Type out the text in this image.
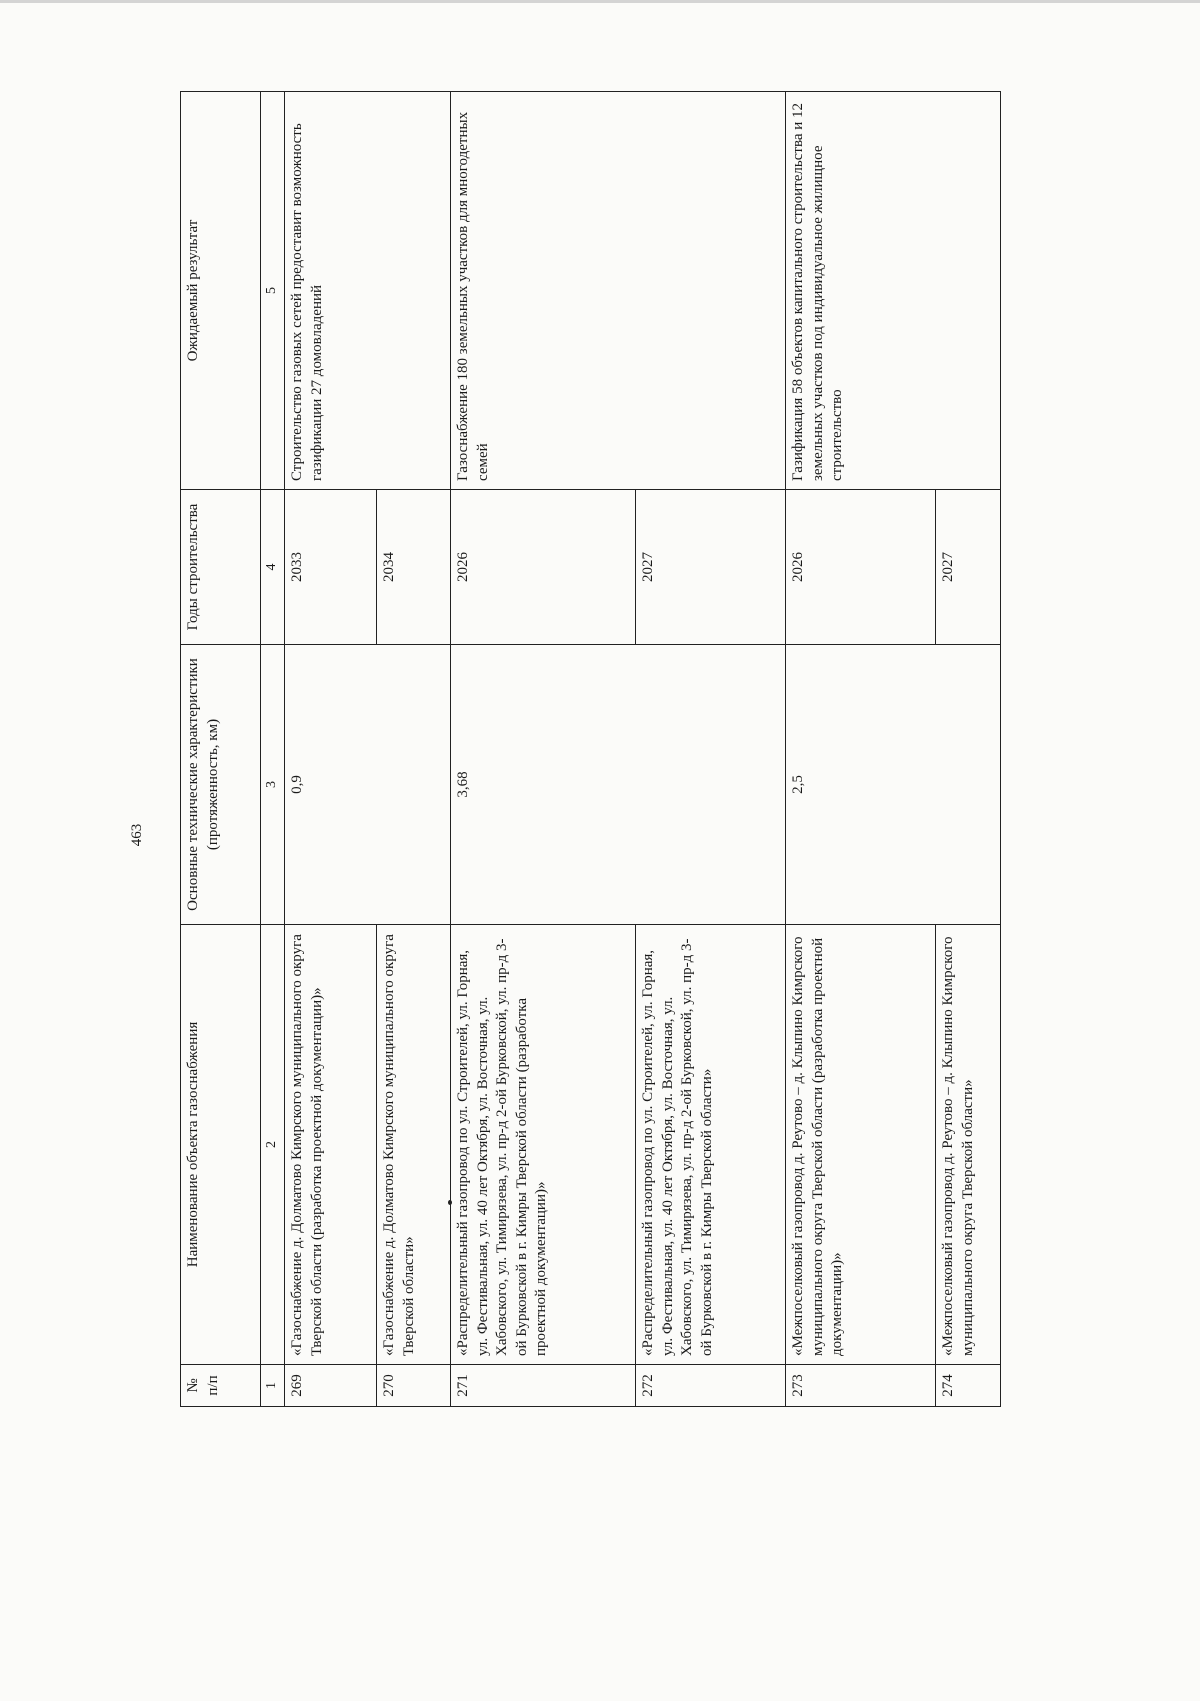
463
№ п/п	Наименование объекта газоснабжения	Основные технические характеристики (протяженность, км)	Годы строительства	Ожидаемый результат
1	2	3	4	5
269	«Газоснабжение д. Долматово Кимрского муниципального округа Тверской области (разработка проектной документации)»	0,9	2033	Строительство газовых сетей предоставит возможность газификации 27 домовладений
270	«Газоснабжение д. Долматово Кимрского муниципального округа Тверской области»		2034	
271	«Распределительный газопровод по ул. Строителей, ул. Горная, ул. Фестивальная, ул. 40 лет Октября, ул. Восточная, ул. Хабовского, ул. Тимирязева, ул. пр-д 2-ой Бурковской, ул. пр-д 3-ой Бурковской в г. Кимры Тверской области (разработка проектной документации)»	3,68	2026	Газоснабжение 180 земельных участков для многодетных семей
272	«Распределительный газопровод по ул. Строителей, ул. Горная, ул. Фестивальная, ул. 40 лет Октября, ул. Восточная, ул. Хабовского, ул. Тимирязева, ул. пр-д 2-ой Бурковской, ул. пр-д 3-ой Бурковской в г. Кимры Тверской области»		2027	
273	«Межпоселковый газопровод д. Реутово – д. Клыпино Кимрского муниципального округа Тверской области (разработка проектной документации)»	2,5	2026	Газификация 58 объектов капитального строительства и 12 земельных участков под индивидуальное жилищное строительство
274	«Межпоселковый газопровод д. Реутово – д. Клыпино Кимрского муниципального округа Тверской области»		2027	
